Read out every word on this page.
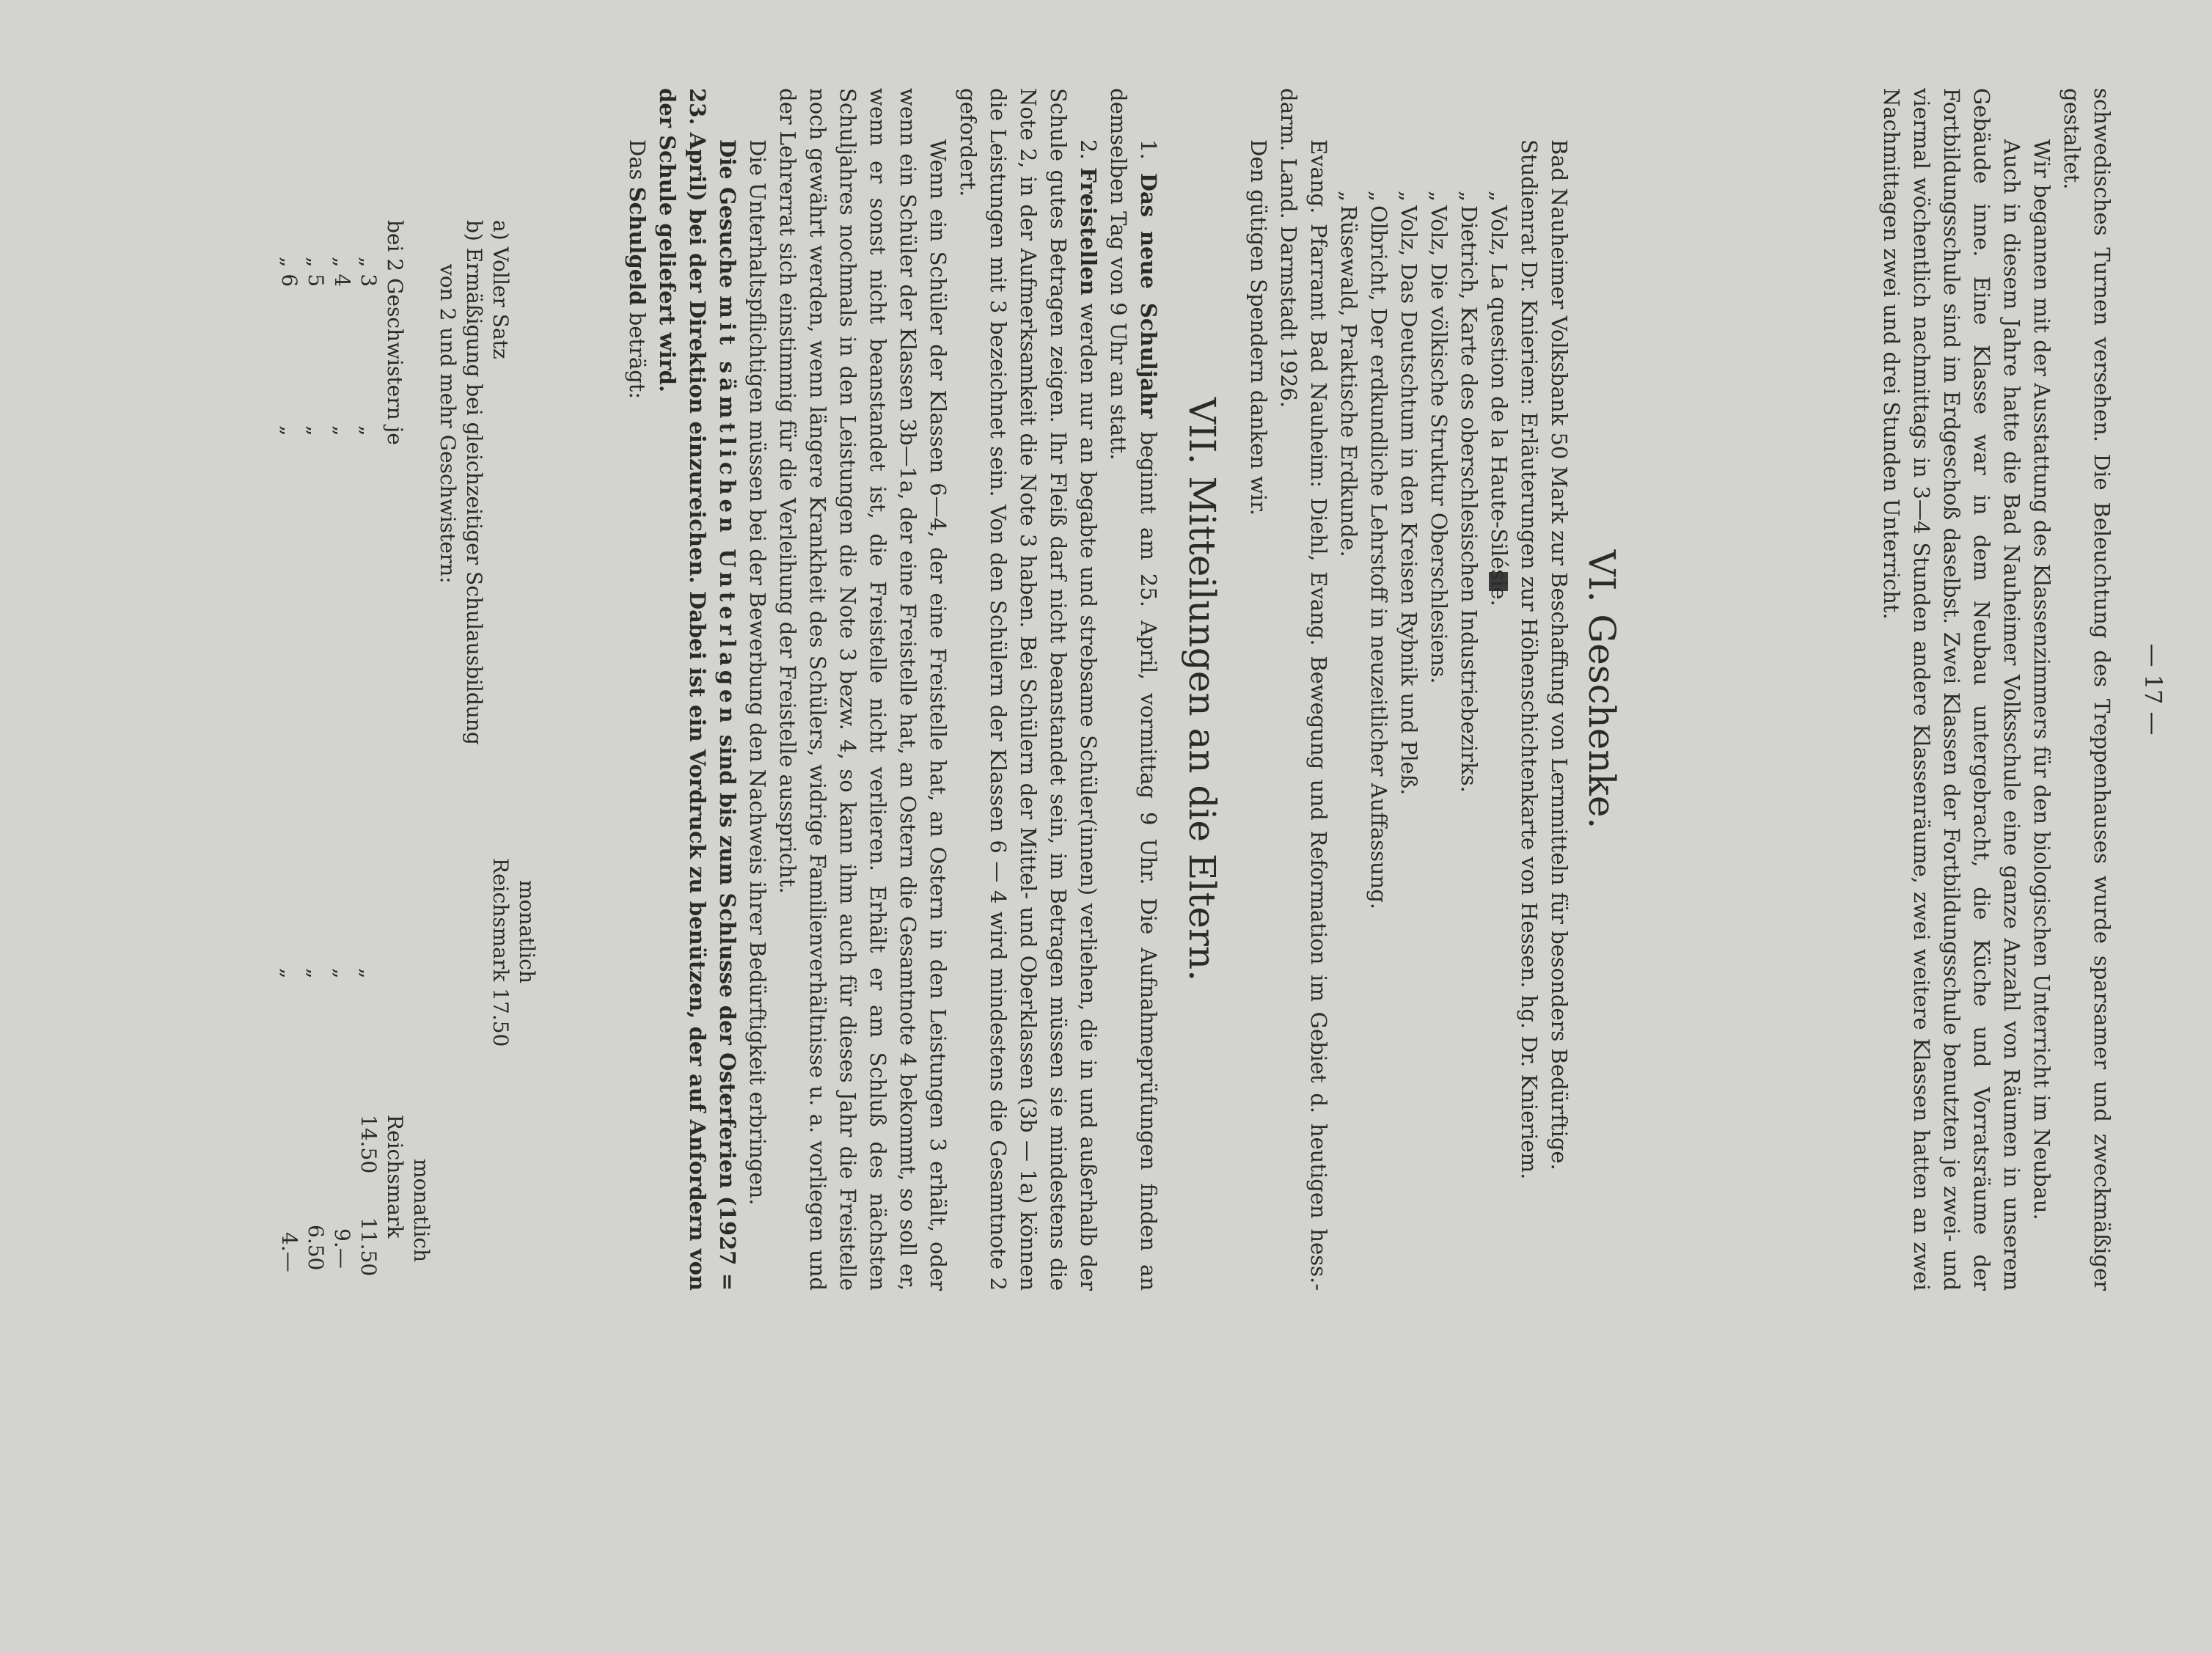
— 17 —

schwedisches Turnen versehen. Die Beleuchtung des Treppenhauses wurde sparsamer und zweckmäßiger gestaltet.

Wir begannen mit der Ausstattung des Klassenzimmers für den biologischen Unterricht im Neubau.

Auch in diesem Jahre hatte die Bad Nauheimer Volksschule eine ganze Anzahl von Räumen in unserem Gebäude inne. Eine Klasse war in dem Neubau untergebracht, die Küche und Vorratsräume der Fortbildungsschule sind im Erdgeschoß daselbst. Zwei Klassen der Fortbildungsschule benutzten je zwei- und viermal wöchentlich nachmittags in 3—4 Stunden andere Klassenräume, zwei weitere Klassen hatten an zwei Nachmittagen zwei und drei Stunden Unterricht.

VI. Geschenke.

Bad Nauheimer Volksbank 50 Mark zur Beschaffung von Lernmitteln für besonders Bedürftige.

Studienrat Dr. Knieriem: Erläuterungen zur Höhenschichtenkarte von Hessen. hg. Dr. Knieriem.

„Volz, La question de la Haute-Silésie.

„Dietrich, Karte des oberschlesischen Industriebezirks.

„Volz, Die völkische Struktur Oberschlesiens.

„Volz, Das Deutschtum in den Kreisen Rybnik und Pleß.

„Olbricht, Der erdkundliche Lehrstoff in neuzeitlicher Auffassung.

„Rüsewald, Praktische Erdkunde.

Evang. Pfarramt Bad Nauheim: Diehl, Evang. Bewegung und Reformation im Gebiet d. heutigen hess.-darm. Land. Darmstadt 1926.

Den gütigen Spendern danken wir.

VII. Mitteilungen an die Eltern.

1. Das neue Schuljahr beginnt am 25. April, vormittag 9 Uhr. Die Aufnahmeprüfungen finden an demselben Tag von 9 Uhr an statt.

2. Freistellen werden nur an begabte und strebsame Schüler(innen) verliehen, die in und außerhalb der Schule gutes Betragen zeigen. Ihr Fleiß darf nicht beanstandet sein, im Betragen müssen sie mindestens die Note 2, in der Aufmerksamkeit die Note 3 haben. Bei Schülern der Mittel- und Oberklassen (3b — 1a) können die Leistungen mit 3 bezeichnet sein. Von den Schülern der Klassen 6 — 4 wird mindestens die Gesamtnote 2 gefordert.

Wenn ein Schüler der Klassen 6—4, der eine Freistelle hat, an Ostern in den Leistungen 3 erhält, oder wenn ein Schüler der Klassen 3b—1a, der eine Freistelle hat, an Ostern die Gesamtnote 4 bekommt, so soll er, wenn er sonst nicht beanstandet ist, die Freistelle nicht verlieren. Erhält er am Schluß des nächsten Schuljahres nochmals in den Leistungen die Note 3 bezw. 4, so kann ihm auch für dieses Jahr die Freistelle noch gewährt werden, wenn längere Krankheit des Schülers, widrige Familienverhältnisse u. a. vorliegen und der Lehrerrat sich einstimmig für die Verleihung der Freistelle ausspricht.

Die Unterhaltspflichtigen müssen bei der Bewerbung den Nachweis ihrer Bedürftigkeit erbringen.

Die Gesuche mit sämtlichen Unterlagen sind bis zum Schlusse der Osterferien (1927 = 23. April) bei der Direktion einzureichen. Dabei ist ein Vordruck zu benützen, der auf Anfordern von der Schule geliefert wird.

Das Schulgeld beträgt:

monatlich
a) Voller Satz
Reichsmark 17.50
b) Ermäßigung bei gleichzeitiger Schulausbildung
von 2 und mehr Geschwistern:
monatlich
bei 2 Geschwistern je
Reichsmark 14.50
„ 3
„
„
11.50
„ 4
„
„
9.—
„ 5
„
„
6.50
„ 6
„
„
4.—
